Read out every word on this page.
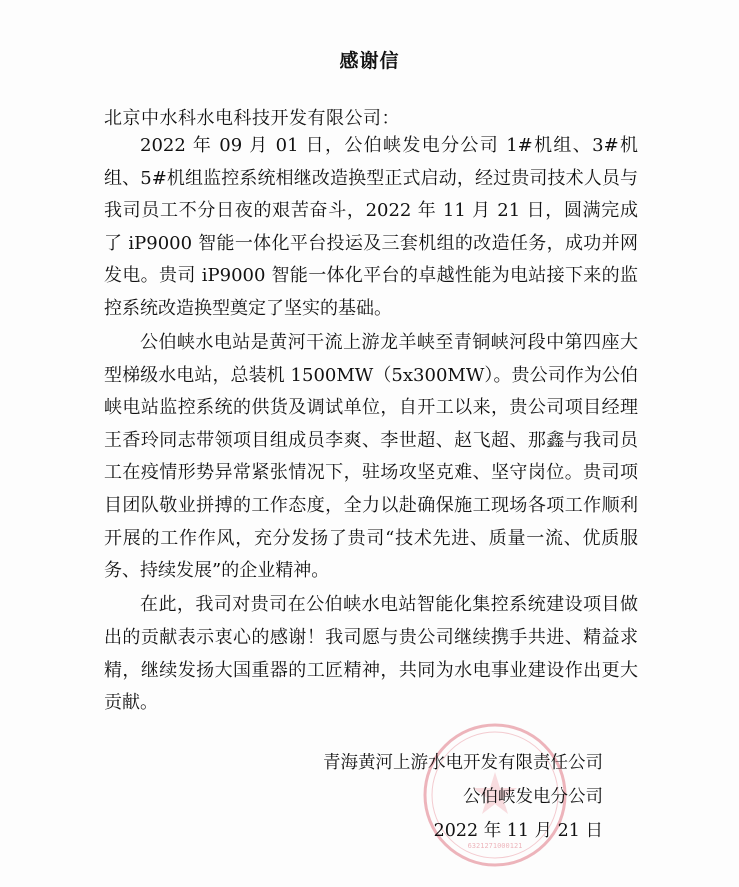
感谢信
北京中水科水电科技开发有限公司：

2022 年 09 月 01 日，公伯峡发电分公司 1#机组、3#机组、5#机组监控系统相继改造换型正式启动，经过贵司技术人员与我司员工不分日夜的艰苦奋斗，2022 年 11 月 21 日，圆满完成了 iP9000 智能一体化平台投运及三套机组的改造任务，成功并网发电。贵司 iP9000 智能一体化平台的卓越性能为电站接下来的监控系统改造换型奠定了坚实的基础。

公伯峡水电站是黄河干流上游龙羊峡至青铜峡河段中第四座大型梯级水电站，总装机 1500MW（5x300MW）。贵公司作为公伯峡电站监控系统的供货及调试单位，自开工以来，贵公司项目经理王香玲同志带领项目组成员李爽、李世超、赵飞超、那鑫与我司员工在疫情形势异常紧张情况下，驻场攻坚克难、坚守岗位。贵司项目团队敬业拼搏的工作态度，全力以赴确保施工现场各项工作顺利开展的工作作风，充分发扬了贵司“技术先进、质量一流、优质服务、持续发展”的企业精神。

在此，我司对贵司在公伯峡水电站智能化集控系统建设项目做出的贡献表示衷心的感谢！我司愿与贵公司继续携手共进、精益求精，继续发扬大国重器的工匠精神，共同为水电事业建设作出更大贡献。

6321271000121
青海黄河上游水电开发有限责任公司
公伯峡发电分公司
2022 年 11 月 21 日
